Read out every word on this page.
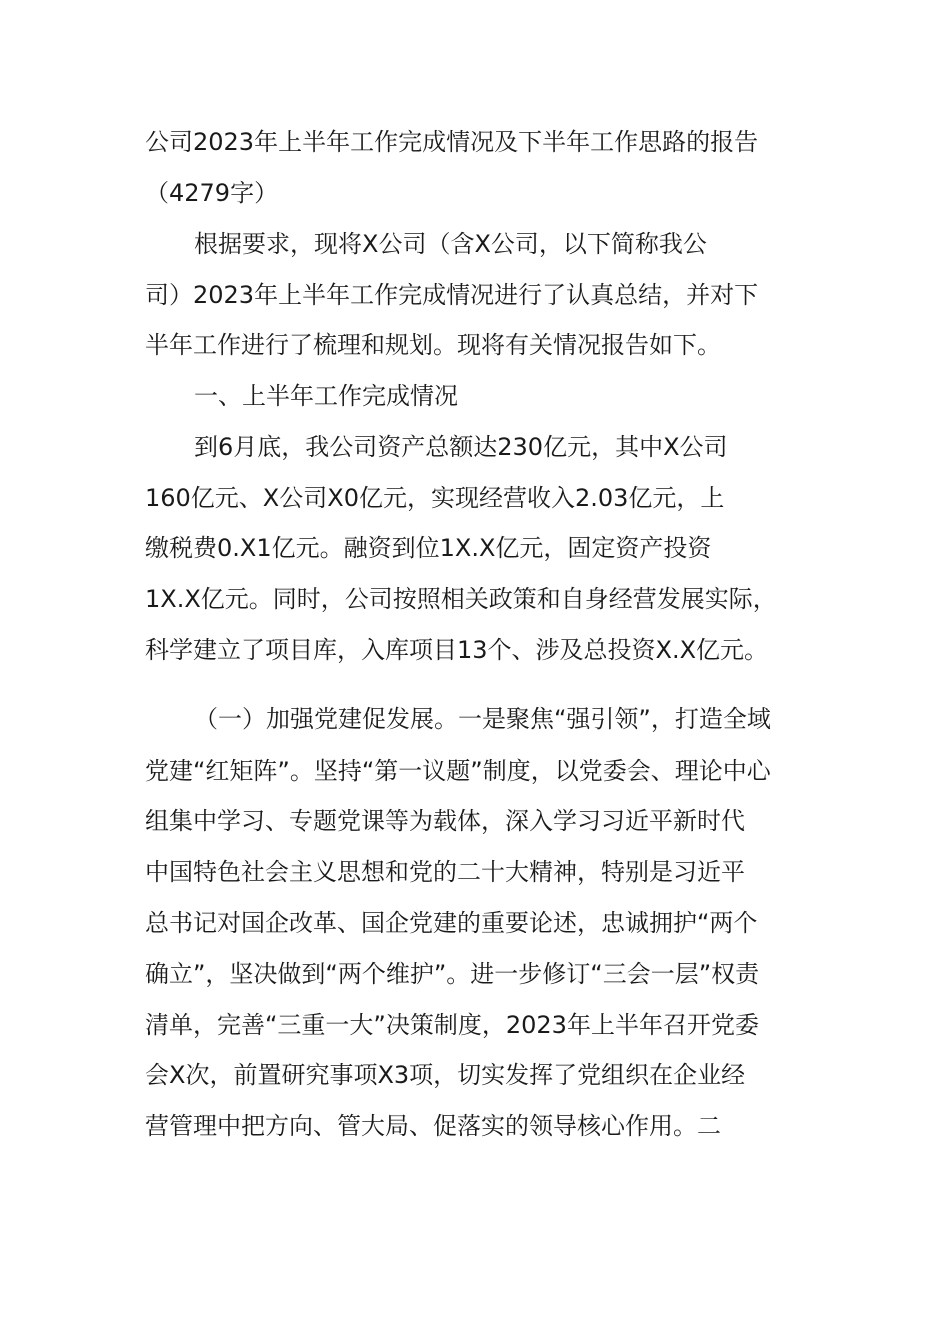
公司2023年上半年工作完成情况及下半年工作思路的报告

（4279字）

根据要求，现将X公司（含X公司，以下简称我公

司）2023年上半年工作完成情况进行了认真总结，并对下

半年工作进行了梳理和规划。现将有关情况报告如下。

一、上半年工作完成情况

到6月底，我公司资产总额达230亿元，其中X公司

160亿元、X公司X0亿元，实现经营收入2.03亿元，上

缴税费0.X1亿元。融资到位1X.X亿元，固定资产投资

1X.X亿元。同时，公司按照相关政策和自身经营发展实际，

科学建立了项目库，入库项目13个、涉及总投资X.X亿元。

（一）加强党建促发展。一是聚焦“强引领”，打造全域

党建“红矩阵”。坚持“第一议题”制度，以党委会、理论中心

组集中学习、专题党课等为载体，深入学习习近平新时代

中国特色社会主义思想和党的二十大精神，特别是习近平

总书记对国企改革、国企党建的重要论述，忠诚拥护“两个

确立”，坚决做到“两个维护”。进一步修订“三会一层”权责

清单，完善“三重一大”决策制度，2023年上半年召开党委

会X次，前置研究事项X3项，切实发挥了党组织在企业经

营管理中把方向、管大局、促落实的领导核心作用。二
